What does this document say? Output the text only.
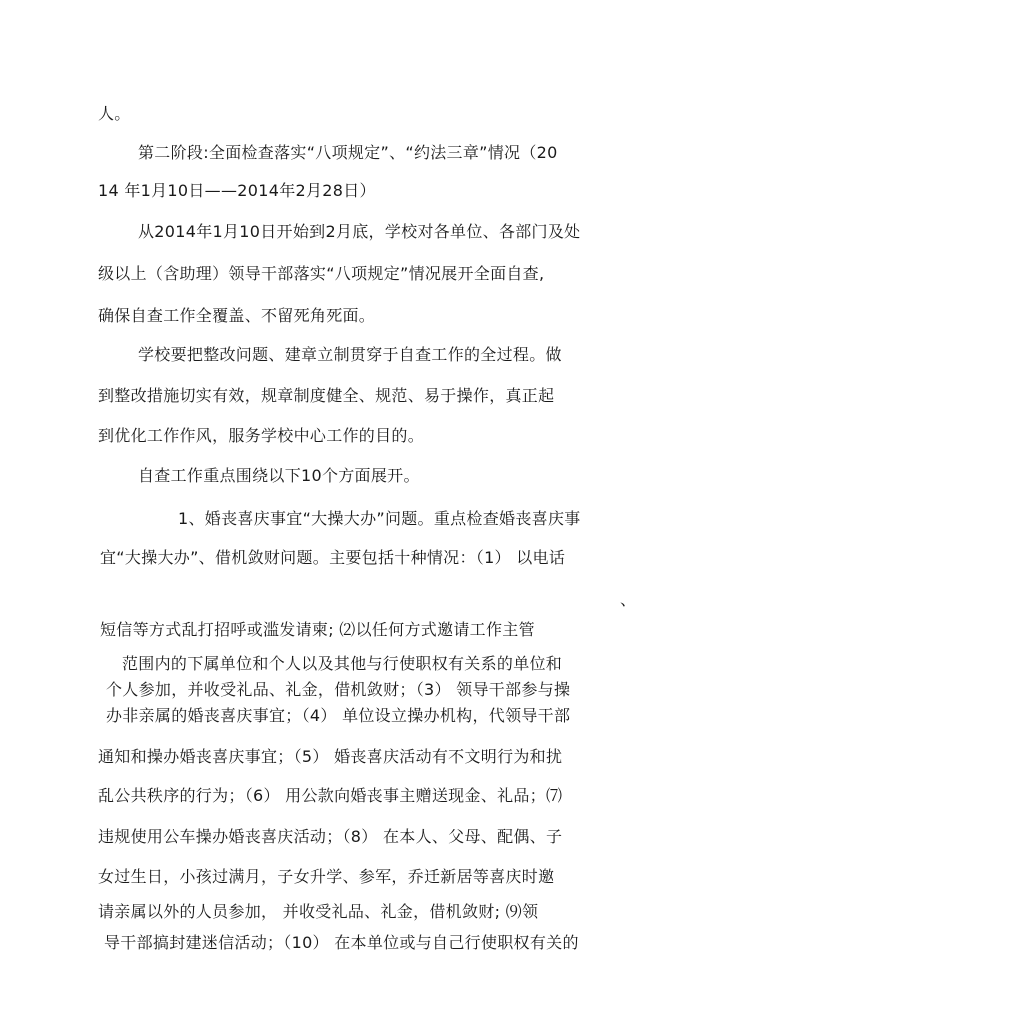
人。
第二阶段:全面检查落实“八项规定”、“约法三章”情况（20
14 年1月10日——2014年2月28日）
从2014年1月10日开始到2月底，学校对各单位、各部门及处
级以上（含助理）领导干部落实“八项规定”情况展开全面自查,
确保自查工作全覆盖、不留死角死面。
学校要把整改问题、建章立制贯穿于自查工作的全过程。做
到整改措施切实有效，规章制度健全、规范、易于操作，真正起
到优化工作作风，服务学校中心工作的目的。
自查工作重点围绕以下10个方面展开。
1、婚丧喜庆事宜“大操大办”问题。重点检查婚丧喜庆事
宜“大操大办”、借机敛财问题。主要包括十种情况：（1） 以电话
、
短信等方式乱打招呼或滥发请柬; ⑵以任何方式邀请工作主管
范围内的下属单位和个人以及其他与行使职权有关系的单位和
个人参加，并收受礼品、礼金，借机敛财；（3） 领导干部参与操
办非亲属的婚丧喜庆事宜；（4） 单位设立操办机构，代领导干部
通知和操办婚丧喜庆事宜；（5） 婚丧喜庆活动有不文明行为和扰
乱公共秩序的行为；（6） 用公款向婚丧事主赠送现金、礼品；⑺
违规使用公车操办婚丧喜庆活动；（8） 在本人、父母、配偶、子
女过生日，小孩过满月，子女升学、参军，乔迁新居等喜庆时邀
请亲属以外的人员参加， 并收受礼品、礼金，借机敛财; ⑼领
导干部搞封建迷信活动；（10） 在本单位或与自己行使职权有关的
